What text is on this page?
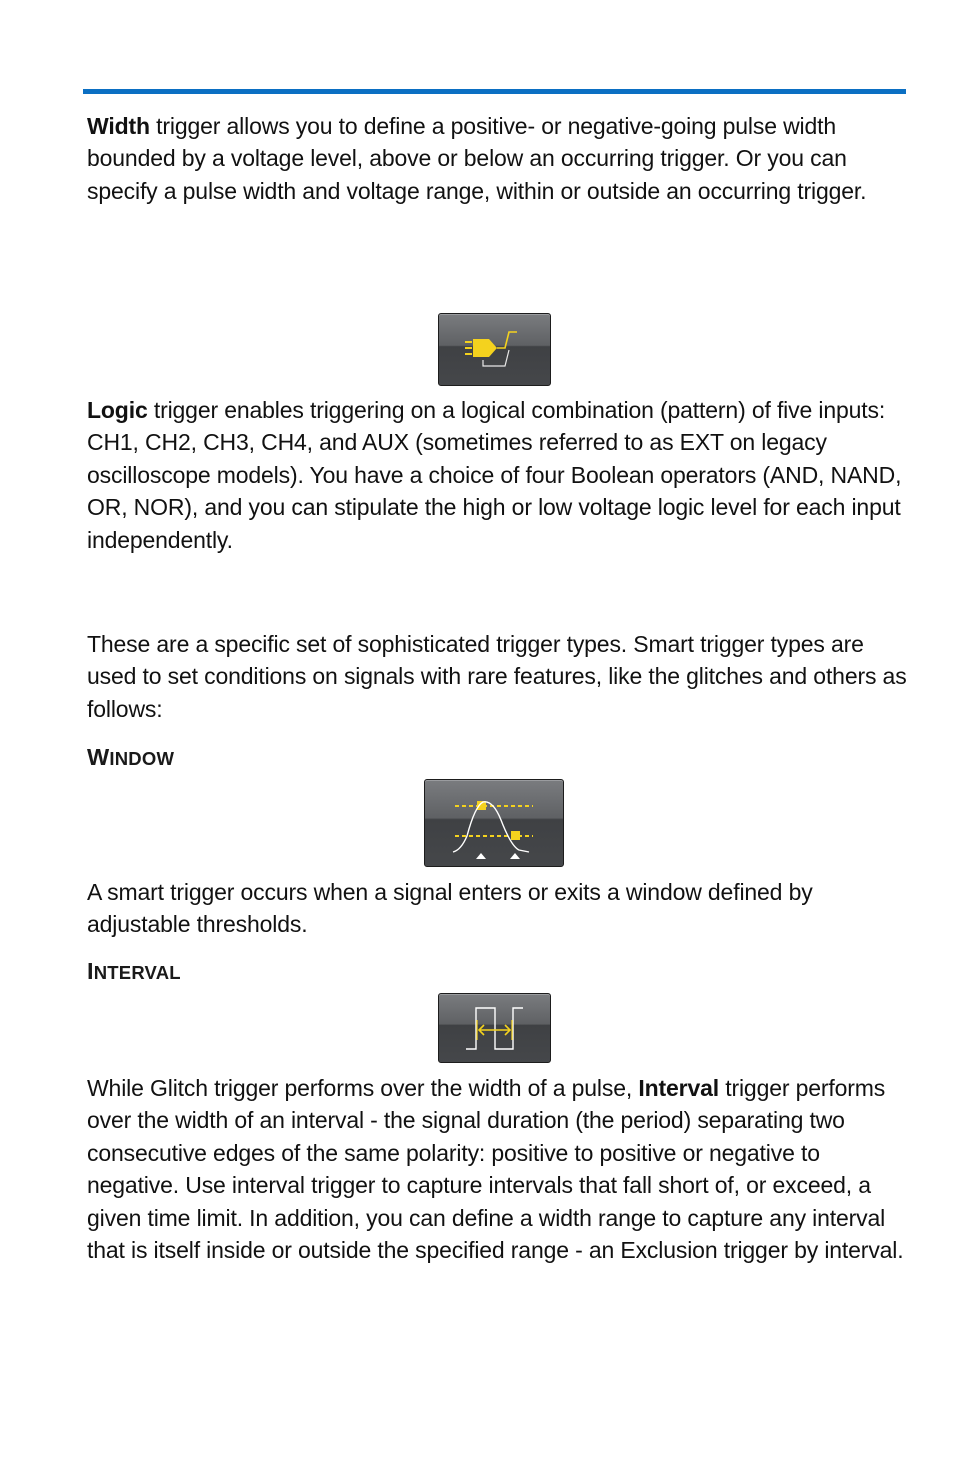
Width trigger allows you to define a positive- or negative-going pulse width bounded by a voltage level, above or below an occurring trigger. Or you can specify a pulse width and voltage range, within or outside an occurring trigger.

Logic trigger enables triggering on a logical combination (pattern) of five inputs: CH1, CH2, CH3, CH4, and AUX (sometimes referred to as EXT on legacy oscilloscope models). You have a choice of four Boolean operators (AND, NAND, OR, NOR), and you can stipulate the high or low voltage logic level for each input independently.

These are a specific set of sophisticated trigger types. Smart trigger types are used to set conditions on signals with rare features, like the glitches and others as follows:

WINDOW

A smart trigger occurs when a signal enters or exits a window defined by adjustable thresholds.

INTERVAL

While Glitch trigger performs over the width of a pulse, Interval trigger performs over the width of an interval - the signal duration (the period) separating two consecutive edges of the same polarity: positive to positive or negative to negative. Use interval trigger to capture intervals that fall short of, or exceed, a given time limit. In addition, you can define a width range to capture any interval that is itself inside or outside the specified range - an Exclusion trigger by interval.
